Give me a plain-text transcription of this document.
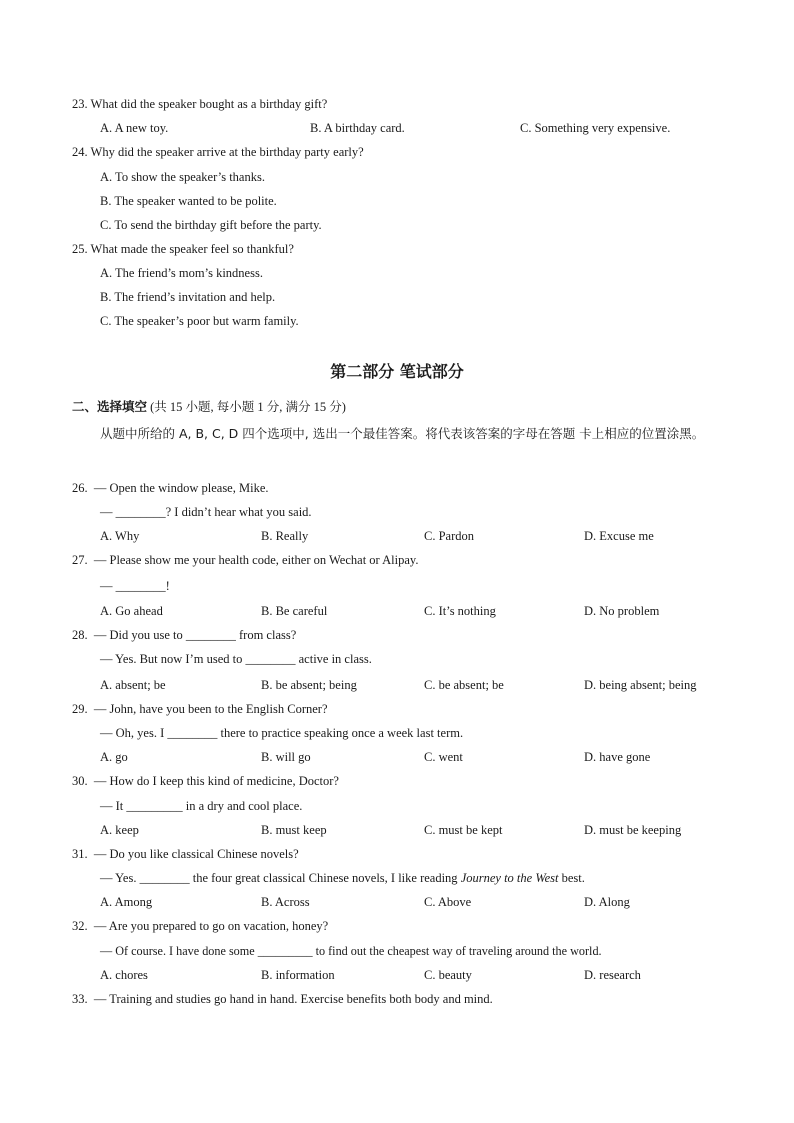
23. What did the speaker bought as a birthday gift?
A. A new toy.	B. A birthday card.	C. Something very expensive.
24. Why did the speaker arrive at the birthday party early?
A. To show the speaker’s thanks.
B. The speaker wanted to be polite.
C. To send the birthday gift before the party.
25. What made the speaker feel so thankful?
A. The friend’s mom’s kindness.
B. The friend’s invitation and help.
C. The speaker’s poor but warm family.
第二部分 笔试部分
二、选择填空 (共 15 小题, 每小题 1 分, 满分 15 分)
从题中所给的 A, B, C, D 四个选项中, 选出一个最佳答案。将代表该答案的字母在答题 卡上相应的位置涂黑。
26. — Open the window please, Mike.
— ________? I didn’t hear what you said.
A. Why	B. Really	C. Pardon	D. Excuse me
27. — Please show me your health code, either on Wechat or Alipay.
— ________!
A. Go ahead	B. Be careful	C. It’s nothing	D. No problem
28. — Did you use to ________ from class?
— Yes. But now I’m used to ________ active in class.
A. absent; be	B. be absent; being	C. be absent; be	D. being absent; being
29. — John, have you been to the English Corner?
— Oh, yes. I ________ there to practice speaking once a week last term.
A. go	B. will go	C. went	D. have gone
30. — How do I keep this kind of medicine, Doctor?
— It _________ in a dry and cool place.
A. keep	B. must keep	C. must be kept	D. must be keeping
31. — Do you like classical Chinese novels?
— Yes. ________ the four great classical Chinese novels, I like reading Journey to the West best.
A. Among	B. Across	C. Above	D. Along
32. — Are you prepared to go on vacation, honey?
— Of course. I have done some _________ to find out the cheapest way of traveling around the world.
A. chores	B. information	C. beauty	D. research
33. — Training and studies go hand in hand. Exercise benefits both body and mind.
